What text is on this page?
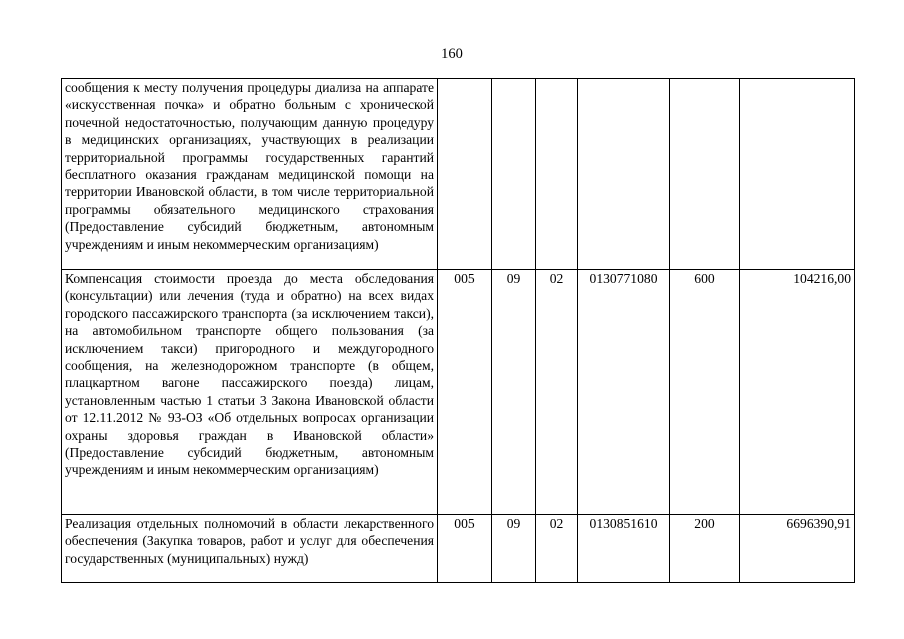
160
сообщения к месту получения процедуры диализа на аппарате «искусственная почка» и обратно больным с хронической почечной недостаточностью, получающим данную процедуру в медицинских организациях, участвующих в реализации территориальной программы государственных гарантий бесплатного оказания гражданам медицинской помощи на территории Ивановской области, в том числе территориальной программы обязательного медицинского страхования (Предоставление субсидий бюджетным, автономным учреждениям и иным некоммерческим организациям)						
Компенсация стоимости проезда до места обследования (консультации) или лечения (туда и обратно) на всех видах городского пассажирского транспорта (за исключением такси), на автомобильном транспорте общего пользования (за исключением такси) пригородного и междугородного сообщения, на железнодорожном транспорте (в общем, плацкартном вагоне пассажирского поезда) лицам, установленным частью 1 статьи 3 Закона Ивановской области от 12.11.2012 № 93-ОЗ «Об отдельных вопросах организации охраны здоровья граждан в Ивановской области» (Предоставление субсидий бюджетным, автономным учреждениям и иным некоммерческим организациям)	005	09	02	0130771080	600	104216,00
Реализация отдельных полномочий в области лекарственного обеспечения (Закупка товаров, работ и услуг для обеспечения государственных (муниципальных) нужд)	005	09	02	0130851610	200	6696390,91
